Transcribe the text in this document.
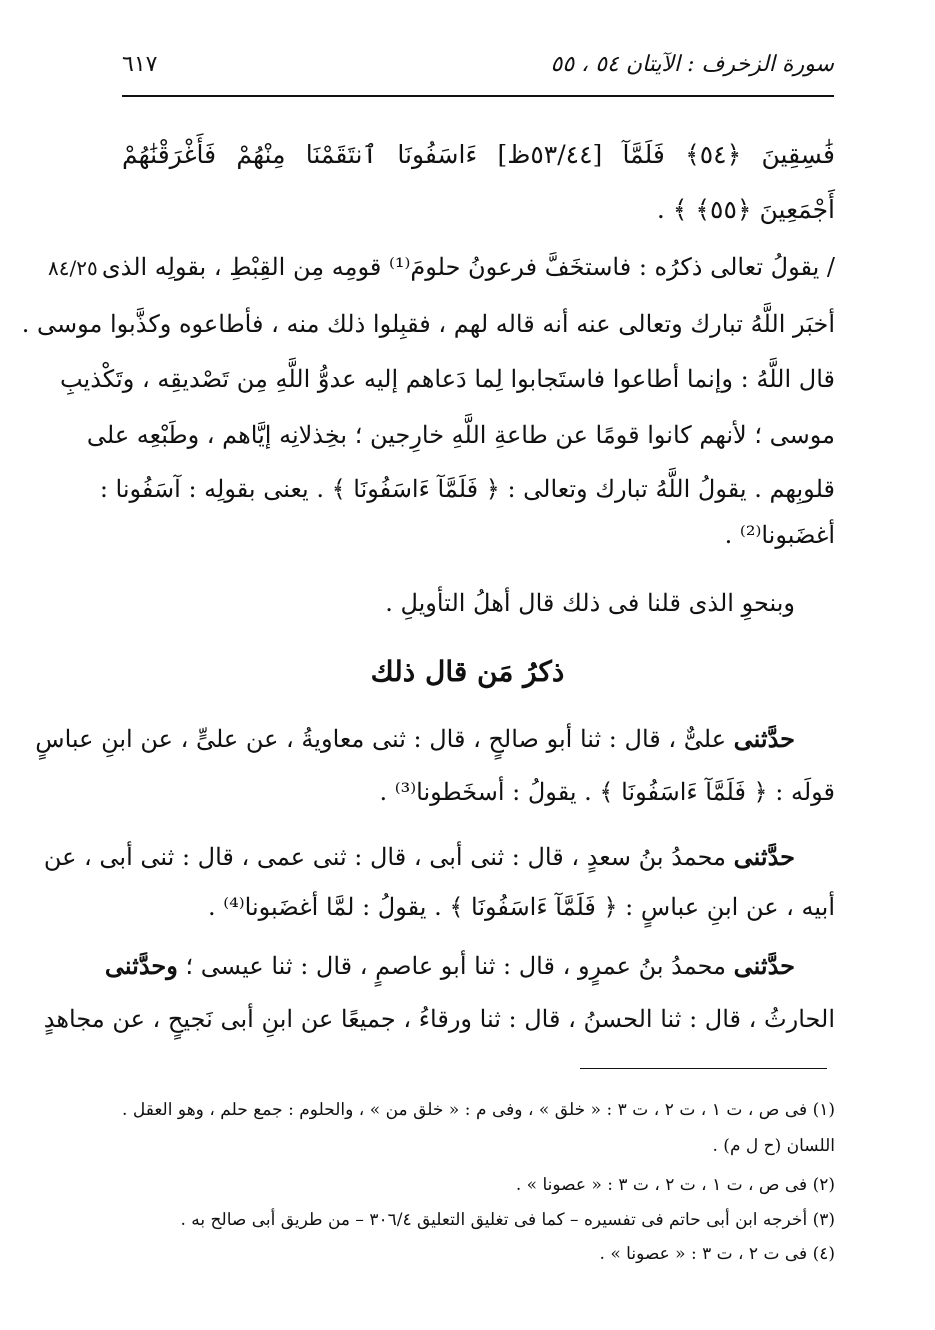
سورة الزخرف : الآيتان ٥٤ ، ٥٥
٦١٧
فَٰسِقِينَ ﴿٥٤﴾ فَلَمَّآ [٥٣/٤٤ظ] ءَاسَفُونَا ٱنتَقَمْنَا مِنْهُمْ فَأَغْرَقْنَٰهُمْ
أَجْمَعِينَ ﴿٥٥﴾ ﴾ .
٨٤/٢٥ / يقولُ تعالى ذكرُه : فاستخَفَّ فرعونُ حلومَ⁽¹⁾ قومِه مِن القِبْطِ ، بقولِه الذى
أخبَر اللَّهُ تبارك وتعالى عنه أنه قاله لهم ، فقبِلوا ذلك منه ، فأطاعوه وكذَّبوا موسى .
قال اللَّهُ : وإنما أطاعوا فاستَجابوا لِما دَعاهم إليه عدوُّ اللَّهِ مِن تَصْديقِه ، وتَكْذيبِ
موسى ؛ لأنهم كانوا قومًا عن طاعةِ اللَّهِ خارِجين ؛ بخِذلانِه إيَّاهم ، وطَبْعِه على
قلوبِهم . يقولُ اللَّهُ تبارك وتعالى : ﴿ فَلَمَّآ ءَاسَفُونَا ﴾ . يعنى بقولِه : آسَفُونا :
أغضَبونا⁽²⁾ .
وبنحوِ الذى قلنا فى ذلك قال أهلُ التأويلِ .
ذكرُ مَن قال ذلك
حدَّثنى علىٌّ ، قال : ثنا أبو صالحٍ ، قال : ثنى معاويةُ ، عن علىٍّ ، عن ابنِ عباسٍ
قولَه : ﴿ فَلَمَّآ ءَاسَفُونَا ﴾ . يقولُ : أسخَطونا⁽³⁾ .
حدَّثنى محمدُ بنُ سعدٍ ، قال : ثنى أبى ، قال : ثنى عمى ، قال : ثنى أبى ، عن
أبيه ، عن ابنِ عباسٍ : ﴿ فَلَمَّآ ءَاسَفُونَا ﴾ . يقولُ : لمَّا أغضَبونا⁽⁴⁾ .
حدَّثنى محمدُ بنُ عمرٍو ، قال : ثنا أبو عاصمٍ ، قال : ثنا عيسى ؛ وحدَّثنى
الحارثُ ، قال : ثنا الحسنُ ، قال : ثنا ورقاءُ ، جميعًا عن ابنِ أبى نَجيحٍ ، عن مجاهدٍ
(١) فى ص ، ت ١ ، ت ٢ ، ت ٣ : « خلق » ، وفى م : « خلق من » ، والحلوم : جمع حلم ، وهو العقل .
اللسان (ح ل م) .
(٢) فى ص ، ت ١ ، ت ٢ ، ت ٣ : « عصونا » .
(٣) أخرجه ابن أبى حاتم فى تفسيره – كما فى تغليق التعليق ٣٠٦/٤ – من طريق أبى صالح به .
(٤) فى ت ٢ ، ت ٣ : « عصونا » .
